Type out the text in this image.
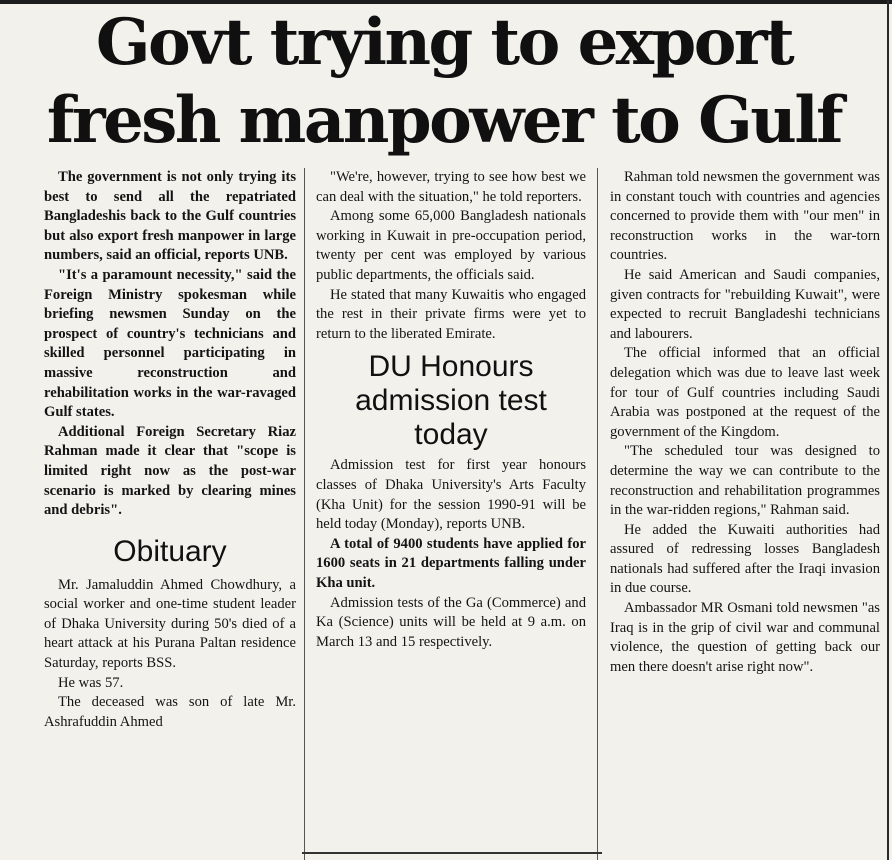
Govt trying to export
fresh manpower to Gulf

The government is not only trying its best to send all the repatriated Bangladeshis back to the Gulf countries but also export fresh manpower in large numbers, said an official, reports UNB.

"It's a paramount necessity," said the Foreign Ministry spokesman while briefing newsmen Sunday on the prospect of country's technicians and skilled personnel participating in massive reconstruction and rehabilitation works in the war-ravaged Gulf states.

Additional Foreign Secretary Riaz Rahman made it clear that "scope is limited right now as the post-war scenario is marked by clearing mines and debris".

Obituary

Mr. Jamaluddin Ahmed Chowdhury, a social worker and one-time student leader of Dhaka University during 50's died of a heart attack at his Purana Paltan residence Saturday, reports BSS.

He was 57.

The deceased was son of late Mr. Ashrafuddin Ahmed

"We're, however, trying to see how best we can deal with the situation," he told reporters.

Among some 65,000 Bangladesh nationals working in Kuwait in pre-occupation period, twenty per cent was employed by various public departments, the officials said.

He stated that many Kuwaitis who engaged the rest in their private firms were yet to return to the liberated Emirate.

DU Honours admission test today

Admission test for first year honours classes of Dhaka University's Arts Faculty (Kha Unit) for the session 1990-91 will be held today (Monday), reports UNB.

A total of 9400 students have applied for 1600 seats in 21 departments falling under Kha unit.

Admission tests of the Ga (Commerce) and Ka (Science) units will be held at 9 a.m. on March 13 and 15 respectively.

Rahman told newsmen the government was in constant touch with countries and agencies concerned to provide them with "our men" in reconstruction works in the war-torn countries.

He said American and Saudi companies, given contracts for "rebuilding Kuwait", were expected to recruit Bangladeshi technicians and labourers.

The official informed that an official delegation which was due to leave last week for tour of Gulf countries including Saudi Arabia was postponed at the request of the government of the Kingdom.

"The scheduled tour was designed to determine the way we can contribute to the reconstruction and rehabilitation programmes in the war-ridden regions," Rahman said.

He added the Kuwaiti authorities had assured of redressing losses Bangladesh nationals had suffered after the Iraqi invasion in due course.

Ambassador MR Osmani told newsmen "as Iraq is in the grip of civil war and communal violence, the question of getting back our men there doesn't arise right now".
